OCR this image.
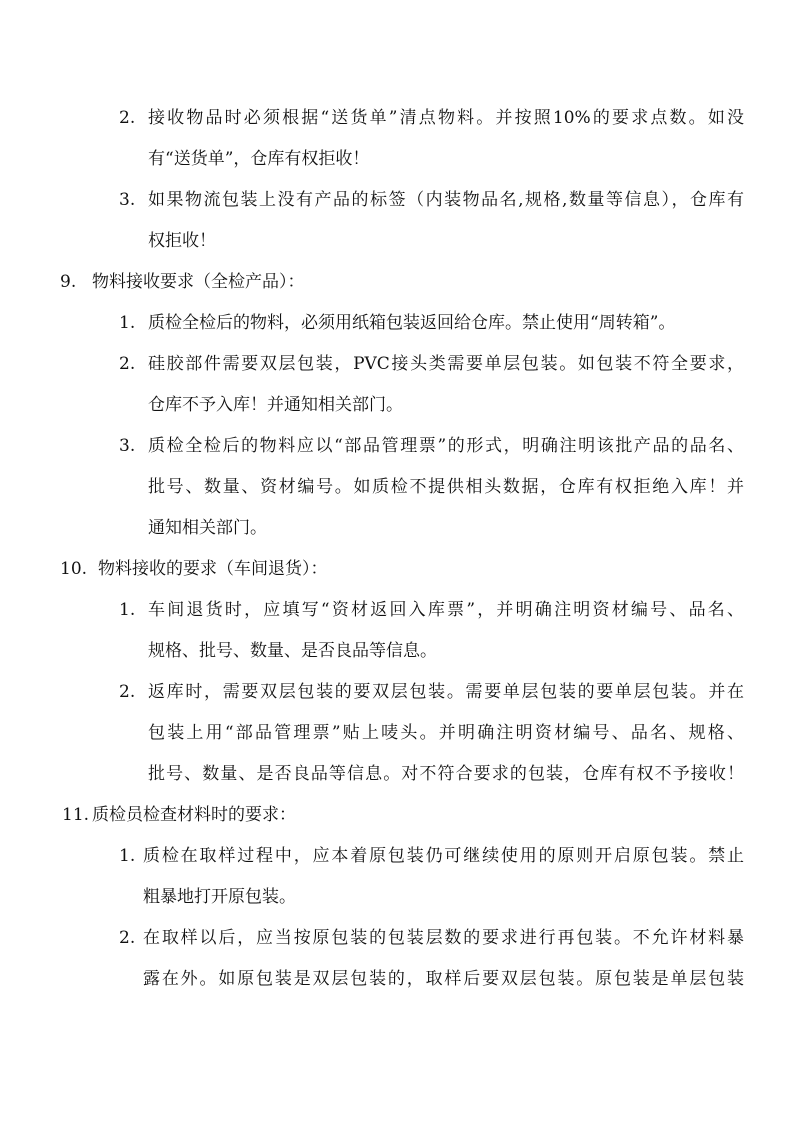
2. 接收物品时必须根据“送货单”清点物料。并按照10%的要求点数。如没
有“送货单”，仓库有权拒收！
3. 如果物流包装上没有产品的标签（内装物品名,规格,数量等信息），仓库有
权拒收！
9. 物料接收要求（全检产品）：
1. 质检全检后的物料，必须用纸箱包装返回给仓库。禁止使用“周转箱”。
2. 硅胶部件需要双层包装，PVC接头类需要单层包装。如包装不符全要求，
仓库不予入库！并通知相关部门。
3. 质检全检后的物料应以“部品管理票”的形式，明确注明该批产品的品名、
批号、数量、资材编号。如质检不提供相头数据，仓库有权拒绝入库！并
通知相关部门。
10. 物料接收的要求（车间退货）：
1. 车间退货时，应填写“资材返回入库票”，并明确注明资材编号、品名、
规格、批号、数量、是否良品等信息。
2. 返库时，需要双层包装的要双层包装。需要单层包装的要单层包装。并在
包装上用“部品管理票”贴上唛头。并明确注明资材编号、品名、规格、
批号、数量、是否良品等信息。对不符合要求的包装，仓库有权不予接收！
11. 质检员检查材料时的要求：
1. 质检在取样过程中，应本着原包装仍可继续使用的原则开启原包装。禁止
粗暴地打开原包装。
2. 在取样以后，应当按原包装的包装层数的要求进行再包装。不允许材料暴
露在外。如原包装是双层包装的，取样后要双层包装。原包装是单层包装
